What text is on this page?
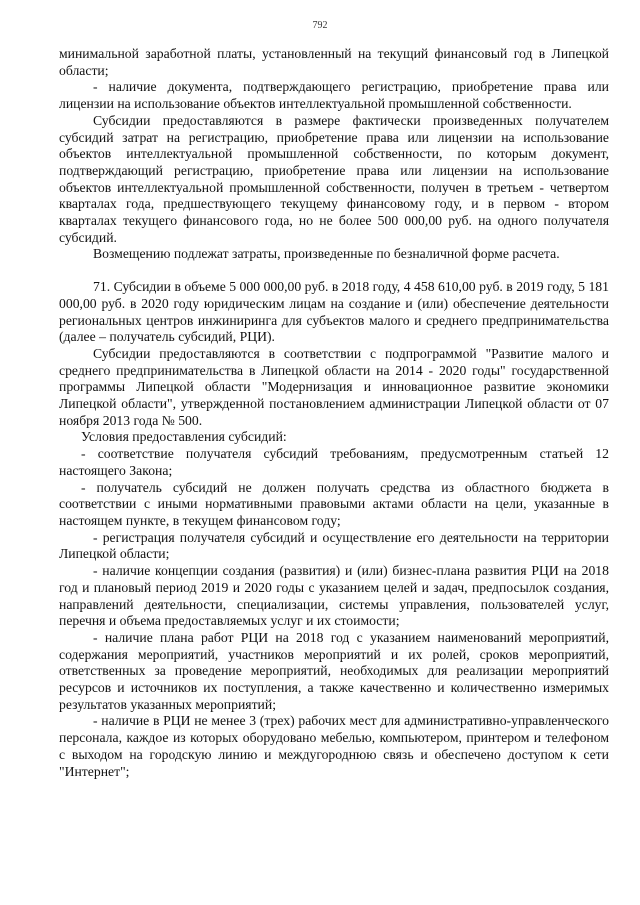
792

минимальной заработной платы, установленный на текущий финансовый год в Липецкой области;

- наличие документа, подтверждающего регистрацию, приобретение права или лицензии на использование объектов интеллектуальной промышленной собственности.

Субсидии предоставляются в размере фактически произведенных получателем субсидий затрат на регистрацию, приобретение права или лицензии на использование объектов интеллектуальной промышленной собственности, по которым документ, подтверждающий регистрацию, приобретение права или лицензии на использование объектов интеллектуальной промышленной собственности, получен в третьем - четвертом кварталах года, предшествующего текущему финансовому году, и в первом - втором кварталах текущего финансового года, но не более 500 000,00 руб. на одного получателя субсидий.

Возмещению подлежат затраты, произведенные по безналичной форме расчета.

71. Субсидии в объеме 5 000 000,00 руб. в 2018 году, 4 458 610,00 руб. в 2019 году, 5 181 000,00 руб. в 2020 году юридическим лицам на создание и (или) обеспечение деятельности региональных центров инжиниринга для субъектов малого и среднего предпринимательства (далее – получатель субсидий, РЦИ).

Субсидии предоставляются в соответствии с подпрограммой "Развитие малого и среднего предпринимательства в Липецкой области на 2014 - 2020 годы" государственной программы Липецкой области "Модернизация и инновационное развитие экономики Липецкой области", утвержденной постановлением администрации Липецкой области от 07 ноября 2013 года № 500.

Условия предоставления субсидий:

- соответствие получателя субсидий требованиям, предусмотренным статьей 12 настоящего Закона;

- получатель субсидий не должен получать средства из областного бюджета в соответствии с иными нормативными правовыми актами области на цели, указанные в настоящем пункте, в текущем финансовом году;

- регистрация получателя субсидий и осуществление его деятельности на территории Липецкой области;

- наличие концепции создания (развития) и (или) бизнес-плана развития РЦИ на 2018 год и плановый период 2019 и 2020 годы с указанием целей и задач, предпосылок создания, направлений деятельности, специализации, системы управления, пользователей услуг, перечня и объема предоставляемых услуг и их стоимости;

- наличие плана работ РЦИ на 2018 год с указанием наименований мероприятий, содержания мероприятий, участников мероприятий и их ролей, сроков мероприятий, ответственных за проведение мероприятий, необходимых для реализации мероприятий ресурсов и источников их поступления, а также качественно и количественно измеримых результатов указанных мероприятий;

- наличие в РЦИ не менее 3 (трех) рабочих мест для административно-управленческого персонала, каждое из которых оборудовано мебелью, компьютером, принтером и телефоном с выходом на городскую линию и междугороднюю связь и обеспечено доступом к сети "Интернет";
